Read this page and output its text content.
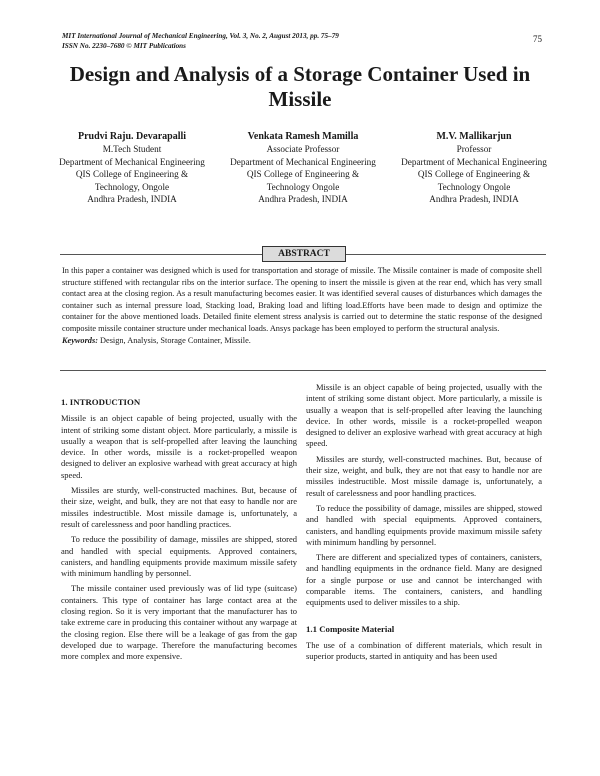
MIT International Journal of Mechanical Engineering, Vol. 3, No. 2, August 2013, pp. 75–79
ISSN No. 2230–7680 © MIT Publications
75
Design and Analysis of a Storage Container Used in Missile
Prudvi Raju. Devarapalli
M.Tech Student
Department of Mechanical Engineering
QIS College of Engineering &
Technology, Ongole
Andhra Pradesh, INDIA
Venkata Ramesh Mamilla
Associate Professor
Department of Mechanical Engineering
QIS College of Engineering &
Technology Ongole
Andhra Pradesh, INDIA
M.V. Mallikarjun
Professor
Department of Mechanical Engineering
QIS College of Engineering &
Technology Ongole
Andhra Pradesh, INDIA
ABSTRACT
In this paper a container was designed which is used for transportation and storage of missile. The Missile container is made of composite shell structure stiffened with rectangular ribs on the interior surface. The opening to insert the missile is given at the rear end, which has very small contact area at the closing region. As a result manufacturing becomes easier. It was identified several causes of disturbances which damages the container such as internal pressure load, Stacking load, Braking load and lifting load.Efforts have been made to design and optimize the container for the above mentioned loads. Detailed finite element stress analysis is carried out to determine the static response of the designed composite missile container structure under mechanical loads. Ansys package has been employed to perform the structural analysis.
Keywords: Design, Analysis, Storage Container, Missile.
1. INTRODUCTION

Missile is an object capable of being projected, usually with the intent of striking some distant object. More particularly, a missile is usually a weapon that is self-propelled after leaving the launching device. In other words, missile is a rocket-propelled weapon designed to deliver an explosive warhead with great accuracy at high speed.

Missiles are sturdy, well-constructed machines. But, because of their size, weight, and bulk, they are not that easy to handle nor are missiles indestructible. Most missile damage is, unfortunately, a result of carelessness and poor handling practices.

To reduce the possibility of damage, missiles are shipped, stored and handled with special equipments. Approved containers, canisters, and handling equipments provide maximum missile safety with minimum handling by personnel.

The missile container used previously was of lid type (suitcase) containers. This type of container has large contact area at the closing region. So it is very important that the manufacturer has to take extreme care in producing this container without any warpage at the closing region. Else there will be a leakage of gas from the gap developed due to warpage. Therefore the manufacturing becomes more complex and more expensive.

Missile is an object capable of being projected, usually with the intent of striking some distant object. More particularly, a missile is usually a weapon that is self-propelled after leaving the launching device. In other words, missile is a rocket-propelled weapon designed to deliver an explosive warhead with great accuracy at high speed.

Missiles are sturdy, well-constructed machines. But, because of their size, weight, and bulk, they are not that easy to handle nor are missiles indestructible. Most missile damage is, unfortunately, a result of carelessness and poor handling practices.

To reduce the possibility of damage, missiles are shipped, stowed and handled with special equipments. Approved containers, canisters, and handling equipments provide maximum missile safety with minimum handling by personnel.

There are different and specialized types of containers, canisters, and handling equipments in the ordnance field. Many are designed for a single purpose or use and cannot be interchanged with comparable items. The containers, canisters, and handling equipments used to deliver missiles to a ship.

1.1 Composite Material

The use of a combination of different materials, which result in superior products, started in antiquity and has been used
